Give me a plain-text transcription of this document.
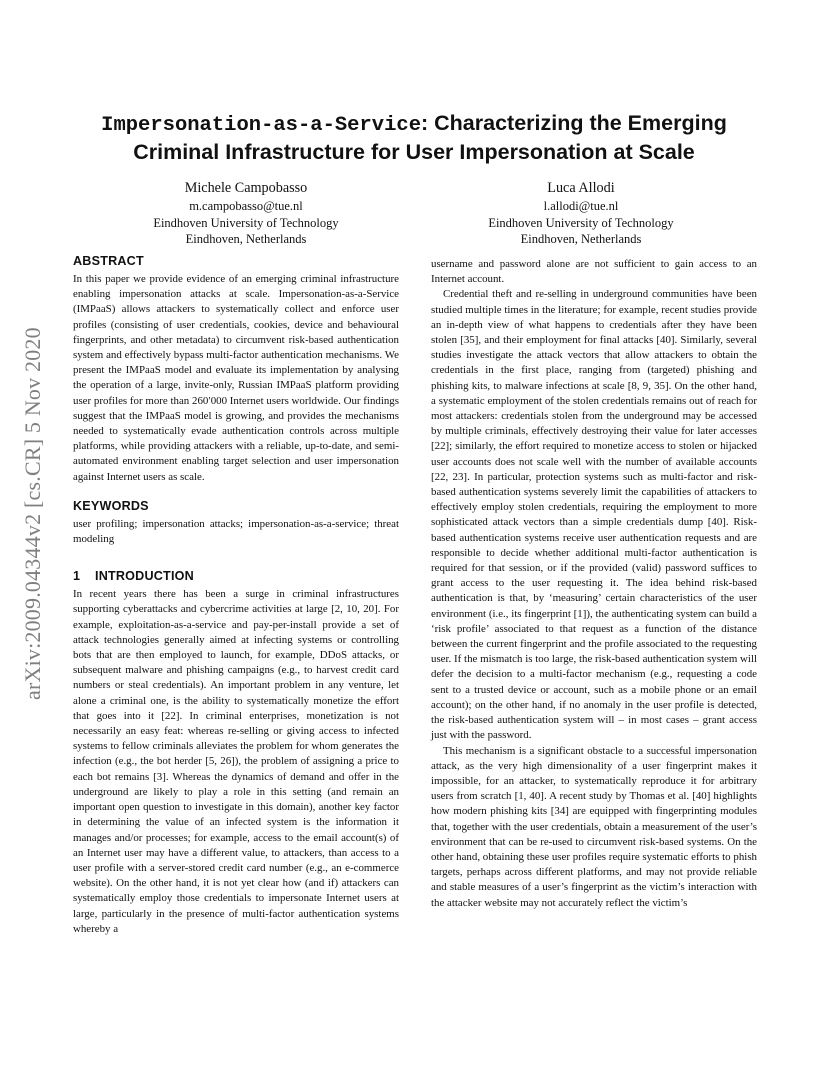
arXiv:2009.04344v2 [cs.CR] 5 Nov 2020
Impersonation-as-a-Service: Characterizing the Emerging
Criminal Infrastructure for User Impersonation at Scale
Michele Campobasso
m.campobasso@tue.nl
Eindhoven University of Technology
Eindhoven, Netherlands
Luca Allodi
l.allodi@tue.nl
Eindhoven University of Technology
Eindhoven, Netherlands
ABSTRACT

In this paper we provide evidence of an emerging criminal infrastructure enabling impersonation attacks at scale. Impersonation-as-a-Service (IMPaaS) allows attackers to systematically collect and enforce user profiles (consisting of user credentials, cookies, device and behavioural fingerprints, and other metadata) to circumvent risk-based authentication system and effectively bypass multi-factor authentication mechanisms. We present the IMPaaS model and evaluate its implementation by analysing the operation of a large, invite-only, Russian IMPaaS platform providing user profiles for more than 260′000 Internet users worldwide. Our findings suggest that the IMPaaS model is growing, and provides the mechanisms needed to systematically evade authentication controls across multiple platforms, while providing attackers with a reliable, up-to-date, and semi-automated environment enabling target selection and user impersonation against Internet users as scale.

KEYWORDS

user profiling; impersonation attacks; impersonation-as-a-service; threat modeling

1 INTRODUCTION

In recent years there has been a surge in criminal infrastructures supporting cyberattacks and cybercrime activities at large [2, 10, 20]. For example, exploitation-as-a-service and pay-per-install provide a set of attack technologies generally aimed at infecting systems or controlling bots that are then employed to launch, for example, DDoS attacks, or subsequent malware and phishing campaigns (e.g., to harvest credit card numbers or steal credentials). An important problem in any venture, let alone a criminal one, is the ability to systematically monetize the effort that goes into it [22]. In criminal enterprises, monetization is not necessarily an easy feat: whereas re-selling or giving access to infected systems to fellow criminals alleviates the problem for whom generates the infection (e.g., the bot herder [5, 26]), the problem of assigning a price to each bot remains [3]. Whereas the dynamics of demand and offer in the underground are likely to play a role in this setting (and remain an important open question to investigate in this domain), another key factor in determining the value of an infected system is the information it manages and/or processes; for example, access to the email account(s) of an Internet user may have a different value, to attackers, than access to a user profile with a server-stored credit card number (e.g., an e-commerce website). On the other hand, it is not yet clear how (and if) attackers can systematically employ those credentials to impersonate Internet users at large, particularly in the presence of multi-factor authentication systems whereby a

username and password alone are not sufficient to gain access to an Internet account.

Credential theft and re-selling in underground communities have been studied multiple times in the literature; for example, recent studies provide an in-depth view of what happens to credentials after they have been stolen [35], and their employment for final attacks [40]. Similarly, several studies investigate the attack vectors that allow attackers to obtain the credentials in the first place, ranging from (targeted) phishing and phishing kits, to malware infections at scale [8, 9, 35]. On the other hand, a systematic employment of the stolen credentials remains out of reach for most attackers: credentials stolen from the underground may be accessed by multiple criminals, effectively destroying their value for later accesses [22]; similarly, the effort required to monetize access to stolen or hijacked user accounts does not scale well with the number of available accounts [22, 23]. In particular, protection systems such as multi-factor and risk-based authentication systems severely limit the capabilities of attackers to effectively employ stolen credentials, requiring the employment to more sophisticated attack vectors than a simple credentials dump [40]. Risk-based authentication systems receive user authentication requests and are responsible to decide whether additional multi-factor authentication is required for that session, or if the provided (valid) password suffices to grant access to the user requesting it. The idea behind risk-based authentication is that, by ‘measuring’ certain characteristics of the user environment (i.e., its fingerprint [1]), the authenticating system can build a ‘risk profile’ associated to that request as a function of the distance between the current fingerprint and the profile associated to the requesting user. If the mismatch is too large, the risk-based authentication system will defer the decision to a multi-factor mechanism (e.g., requesting a code sent to a trusted device or account, such as a mobile phone or an email account); on the other hand, if no anomaly in the user profile is detected, the risk-based authentication system will – in most cases – grant access just with the password.

This mechanism is a significant obstacle to a successful impersonation attack, as the very high dimensionality of a user fingerprint makes it impossible, for an attacker, to systematically reproduce it for arbitrary users from scratch [1, 40]. A recent study by Thomas et al. [40] highlights how modern phishing kits [34] are equipped with fingerprinting modules that, together with the user credentials, obtain a measurement of the user’s environment that can be re-used to circumvent risk-based systems. On the other hand, obtaining these user profiles require systematic efforts to phish targets, perhaps across different platforms, and may not provide reliable and stable measures of a user’s fingerprint as the victim’s interaction with the attacker website may not accurately reflect the victim’s
